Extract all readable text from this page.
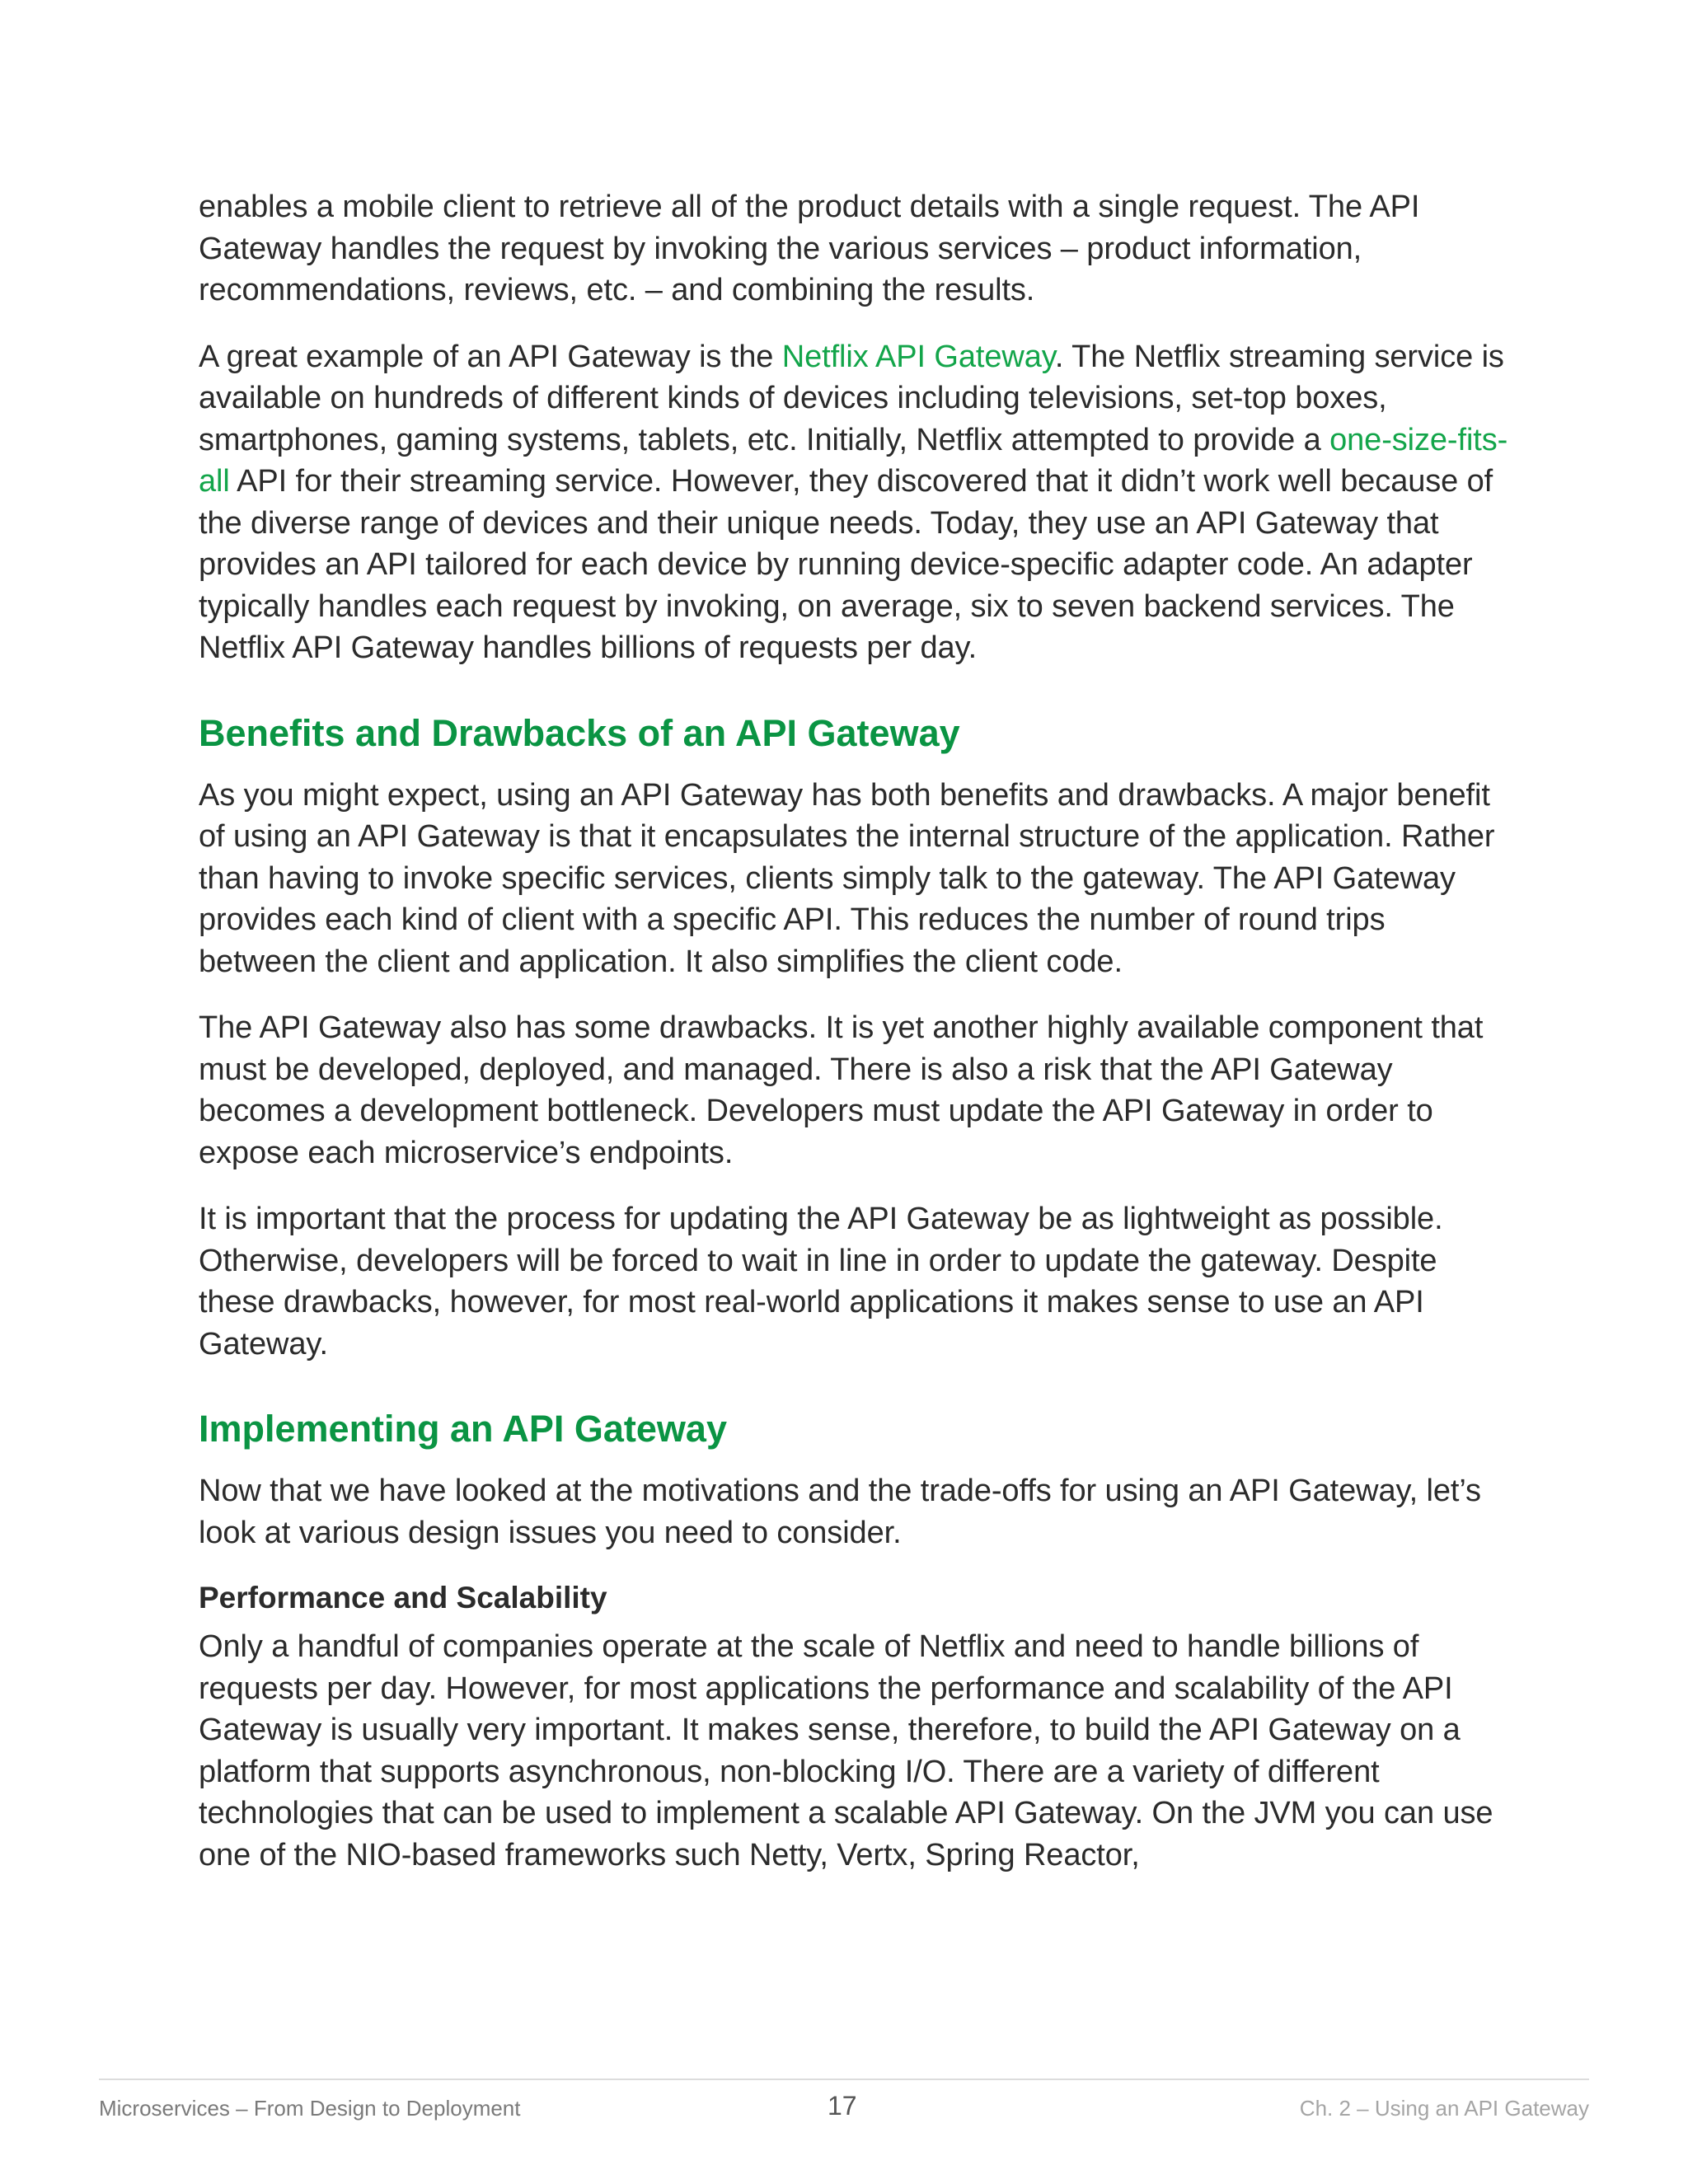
enables a mobile client to retrieve all of the product details with a single request. The API Gateway handles the request by invoking the various services – product information, recommendations, reviews, etc. – and combining the results.

A great example of an API Gateway is the Netflix API Gateway. The Netflix streaming service is available on hundreds of different kinds of devices including televisions, set-top boxes, smartphones, gaming systems, tablets, etc. Initially, Netflix attempted to provide a one-size-fits-all API for their streaming service. However, they discovered that it didn’t work well because of the diverse range of devices and their unique needs. Today, they use an API Gateway that provides an API tailored for each device by running device-specific adapter code. An adapter typically handles each request by invoking, on average, six to seven backend services. The Netflix API Gateway handles billions of requests per day.

Benefits and Drawbacks of an API Gateway

As you might expect, using an API Gateway has both benefits and drawbacks. A major benefit of using an API Gateway is that it encapsulates the internal structure of the application. Rather than having to invoke specific services, clients simply talk to the gateway. The API Gateway provides each kind of client with a specific API. This reduces the number of round trips between the client and application. It also simplifies the client code.

The API Gateway also has some drawbacks. It is yet another highly available component that must be developed, deployed, and managed. There is also a risk that the API Gateway becomes a development bottleneck. Developers must update the API Gateway in order to expose each microservice’s endpoints.

It is important that the process for updating the API Gateway be as lightweight as possible. Otherwise, developers will be forced to wait in line in order to update the gateway. Despite these drawbacks, however, for most real-world applications it makes sense to use an API Gateway.

Implementing an API Gateway

Now that we have looked at the motivations and the trade-offs for using an API Gateway, let’s look at various design issues you need to consider.

Performance and Scalability

Only a handful of companies operate at the scale of Netflix and need to handle billions of requests per day. However, for most applications the performance and scalability of the API Gateway is usually very important. It makes sense, therefore, to build the API Gateway on a platform that supports asynchronous, non-blocking I/O. There are a variety of different technologies that can be used to implement a scalable API Gateway. On the JVM you can use one of the NIO-based frameworks such Netty, Vertx, Spring Reactor,

Microservices – From Design to Deployment	17	Ch. 2 – Using an API Gateway
